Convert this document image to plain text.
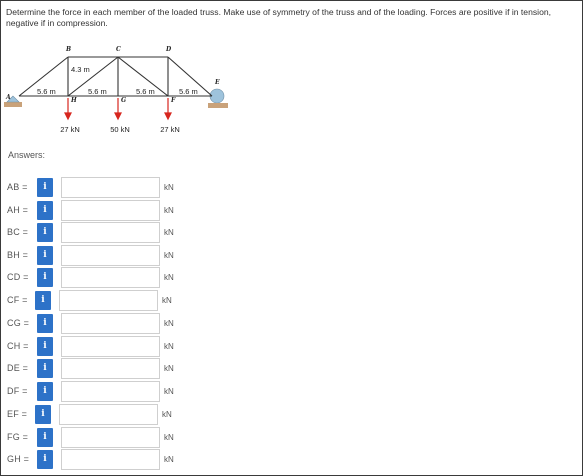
Determine the force in each member of the loaded truss. Make use of symmetry of the truss and of the loading. Forces are positive if in tension, negative if in compression.
A
B	C	D
E
F
G
H
4.3 m
5.6 m	5.6 m	5.6 m	5.6 m
27 kN	50 kN	27 kN
Answers:
AB =	i	kN
AH =	i	kN
BC =	i	kN
BH =	i	kN
CD =	i	kN
CF =	i	kN
CG =	i	kN
CH =	i	kN
DE =	i	kN
DF =	i	kN
EF =	i	kN
FG =	i	kN
GH =	i	kN
